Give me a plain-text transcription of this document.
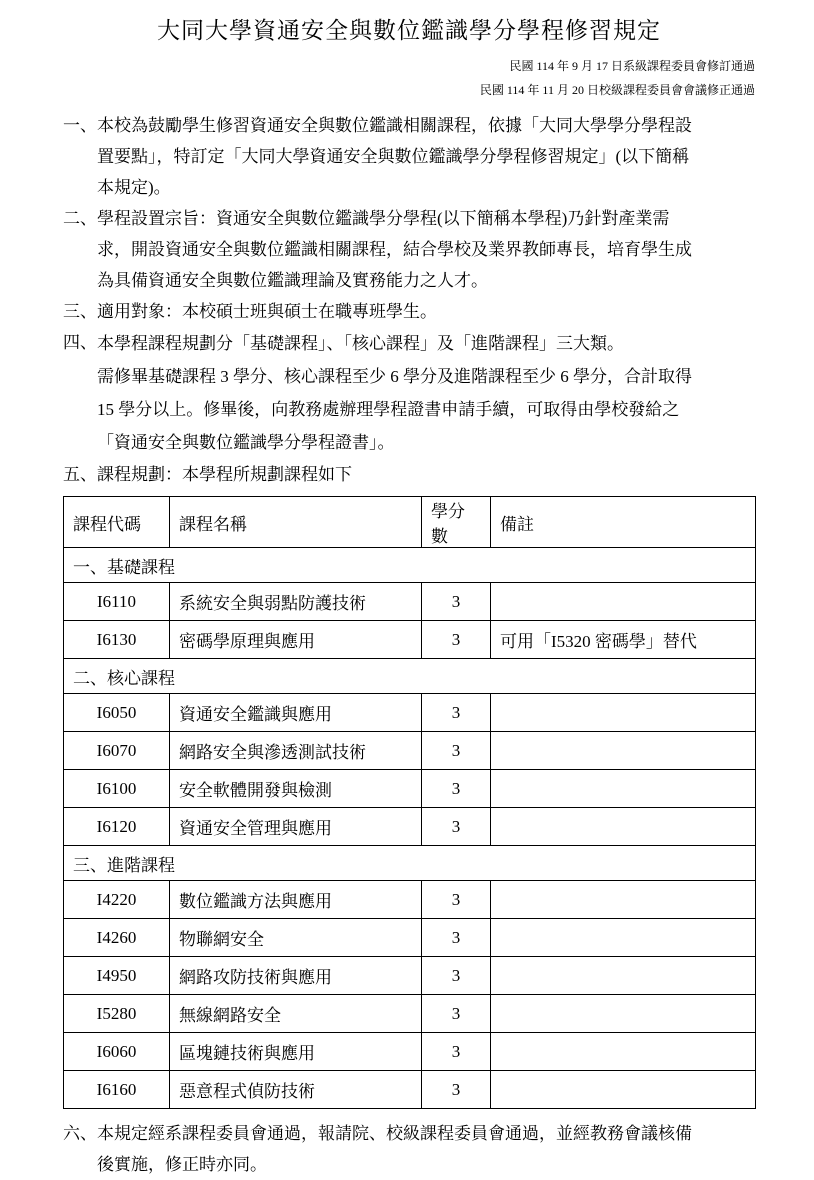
大同大學資通安全與數位鑑識學分學程修習規定
民國 114 年 9 月 17 日系級課程委員會修訂通過
民國 114 年 11 月 20 日校級課程委員會會議修正通過
一、 本校為鼓勵學生修習資通安全與數位鑑識相關課程，依據「大同大學學分學程設
置要點」，特訂定「大同大學資通安全與數位鑑識學分學程修習規定」(以下簡稱
本規定)。
二、 學程設置宗旨：資通安全與數位鑑識學分學程(以下簡稱本學程)乃針對產業需
求，開設資通安全與數位鑑識相關課程，結合學校及業界教師專長，培育學生成
為具備資通安全與數位鑑識理論及實務能力之人才。
三、 適用對象：本校碩士班與碩士在職專班學生。
四、 本學程課程規劃分「基礎課程」、「核心課程」及「進階課程」三大類。
需修畢基礎課程 3 學分、核心課程至少 6 學分及進階課程至少 6 學分，合計取得
15 學分以上。修畢後，向教務處辦理學程證書申請手續，可取得由學校發給之
「資通安全與數位鑑識學分學程證書」。
五、 課程規劃：本學程所規劃課程如下
課程代碼	課程名稱	學分數	備註
一、基礎課程			
I6110	系統安全與弱點防護技術	3	
I6130	密碼學原理與應用	3	可用「I5320 密碼學」替代
二、核心課程			
I6050	資通安全鑑識與應用	3	
I6070	網路安全與滲透測試技術	3	
I6100	安全軟體開發與檢測	3	
I6120	資通安全管理與應用	3	
三、進階課程			
I4220	數位鑑識方法與應用	3	
I4260	物聯網安全	3	
I4950	網路攻防技術與應用	3	
I5280	無線網路安全	3	
I6060	區塊鏈技術與應用	3	
I6160	惡意程式偵防技術	3	
六、 本規定經系課程委員會通過，報請院、校級課程委員會通過，並經教務會議核備
後實施，修正時亦同。
